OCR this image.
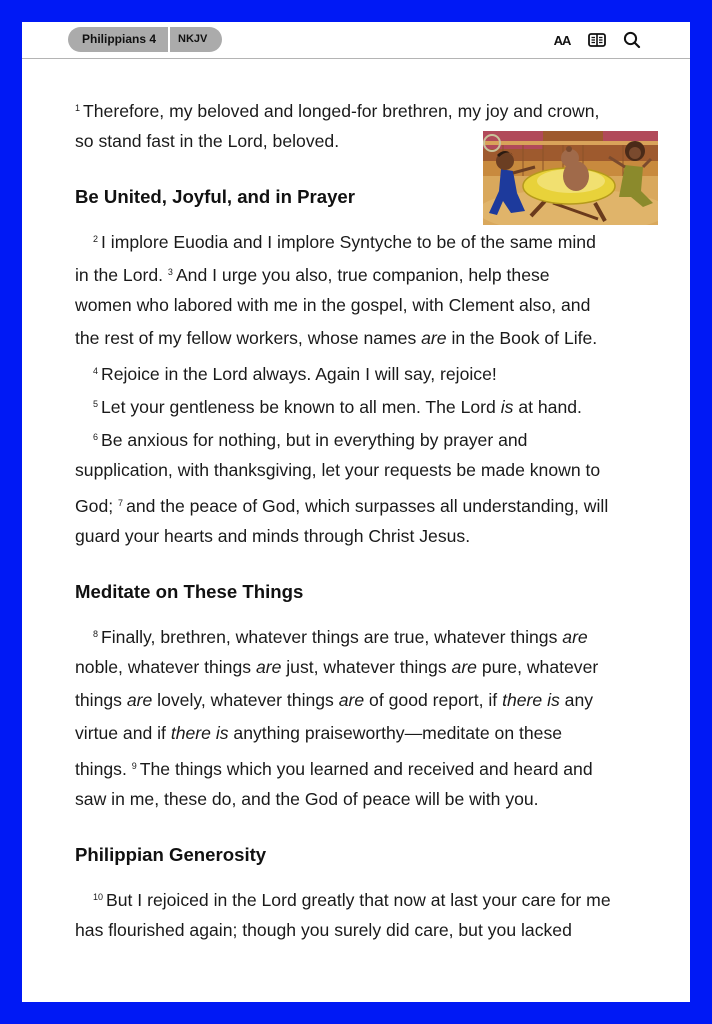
Philippians 4	NKJV	AA
$^1$ Therefore, my beloved and longed-for brethren, my joy and crown,
so stand fast in the Lord, beloved.
Be United, Joyful, and in Prayer
$^2$ I implore Euodia and I implore Syntyche to be of the same mind
in the Lord. $^3$ And I urge you also, true companion, help these
women who labored with me in the gospel, with Clement also, and
the rest of my fellow workers, whose names are in the Book of Life.
$^4$ Rejoice in the Lord always. Again I will say, rejoice!
$^5$ Let your gentleness be known to all men. The Lord is at hand.
$^6$ Be anxious for nothing, but in everything by prayer and
supplication, with thanksgiving, let your requests be made known to
God; $^7$ and the peace of God, which surpasses all understanding, will
guard your hearts and minds through Christ Jesus.
Meditate on These Things
$^8$ Finally, brethren, whatever things are true, whatever things are
noble, whatever things are just, whatever things are pure, whatever
things are lovely, whatever things are of good report, if there is any
virtue and if there is anything praiseworthy—meditate on these
things. $^9$ The things which you learned and received and heard and
saw in me, these do, and the God of peace will be with you.
Philippian Generosity
$^{10}$ But I rejoiced in the Lord greatly that now at last your care for me
has flourished again; though you surely did care, but you lacked
